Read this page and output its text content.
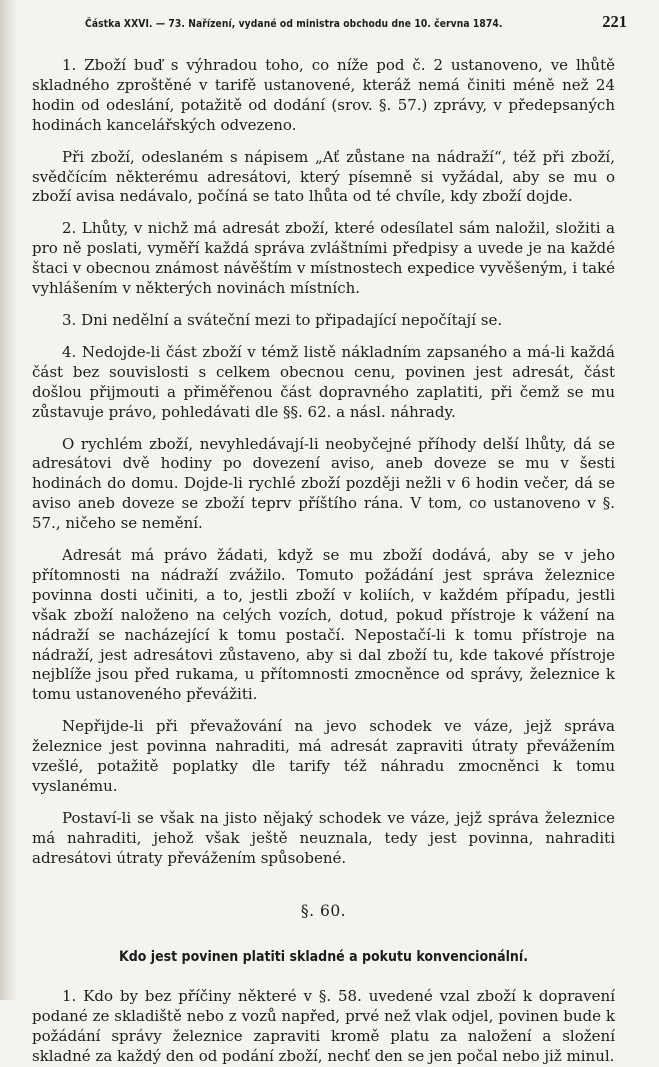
Částka XXVI. — 73. Nařízení, vydané od ministra obchodu dne 10. června 1874.	221

1. Zboží buď s výhradou toho, co níže pod č. 2 ustanoveno, ve lhůtě skladného zproštěné v tarifě ustanovené, kteráž nemá činiti méně než 24 hodin od odeslání, potažitě od dodání (srov. §. 57.) zprávy, v předepsaných hodinách kancelářských odvezeno.

Při zboží, odeslaném s nápisem „Ať zůstane na nádraží“, též při zboží, svědčícím některému adresátovi, který písemně si vyžádal, aby se mu o zboží avisa nedávalo, počíná se tato lhůta od té chvíle, kdy zboží dojde.

2. Lhůty, v nichž má adresát zboží, které odesílatel sám naložil, složiti a pro ně poslati, vyměří každá správa zvláštními předpisy a uvede je na každé štaci v obecnou známost návěštím v místnostech expedice vyvěšeným, i také vyhlášením v některých novinách místních.

3. Dni nedělní a sváteční mezi to připadající nepočítají se.

4. Nedojde-li část zboží v témž listě nákladním zapsaného a má-li každá část bez souvislosti s celkem obecnou cenu, povinen jest adresát, část došlou přijmouti a přiměřenou část dopravného zaplatiti, při čemž se mu zůstavuje právo, pohledávati dle §§. 62. a násl. náhrady.

O rychlém zboží, nevyhledávají-li neobyčejné příhody delší lhůty, dá se adresátovi dvě hodiny po dovezení aviso, aneb doveze se mu v šesti hodinách do domu. Dojde-li rychlé zboží později nežli v 6 hodin večer, dá se aviso aneb doveze se zboží teprv příštího rána. V tom, co ustanoveno v §. 57., ničeho se nemění.

Adresát má právo žádati, když se mu zboží dodává, aby se v jeho přítomnosti na nádraží zvážilo. Tomuto požádání jest správa železnice povinna dosti učiniti, a to, jestli zboží v koliích, v každém případu, jestli však zboží naloženo na celých vozích, dotud, pokud přístroje k vážení na nádraží se nacházející k tomu postačí. Nepostačí-li k tomu přístroje na nádraží, jest adresátovi zůstaveno, aby si dal zboží tu, kde takové přístroje nejblíže jsou před rukama, u přítomnosti zmocněnce od správy, železnice k tomu ustanoveného převážiti.

Nepřijde-li při převažování na jevo schodek ve váze, jejž správa železnice jest povinna nahraditi, má adresát zapraviti útraty převážením vzešlé, potažitě poplatky dle tarify též náhradu zmocněnci k tomu vyslanému.

Postaví-li se však na jisto nějaký schodek ve váze, jejž správa železnice má nahraditi, jehož však ještě neuznala, tedy jest povinna, nahraditi adresátovi útraty převážením spůsobené.

§. 60.

Kdo jest povinen platiti skladné a pokutu konvencionální.

1. Kdo by bez příčiny některé v §. 58. uvedené vzal zboží k dopravení podané ze skladiště nebo z vozů napřed, prvé než vlak odjel, povinen bude k požádání správy železnice zapraviti kromě platu za naložení a složení skladné za každý den od podání zboží, nechť den se jen počal nebo již minul.
